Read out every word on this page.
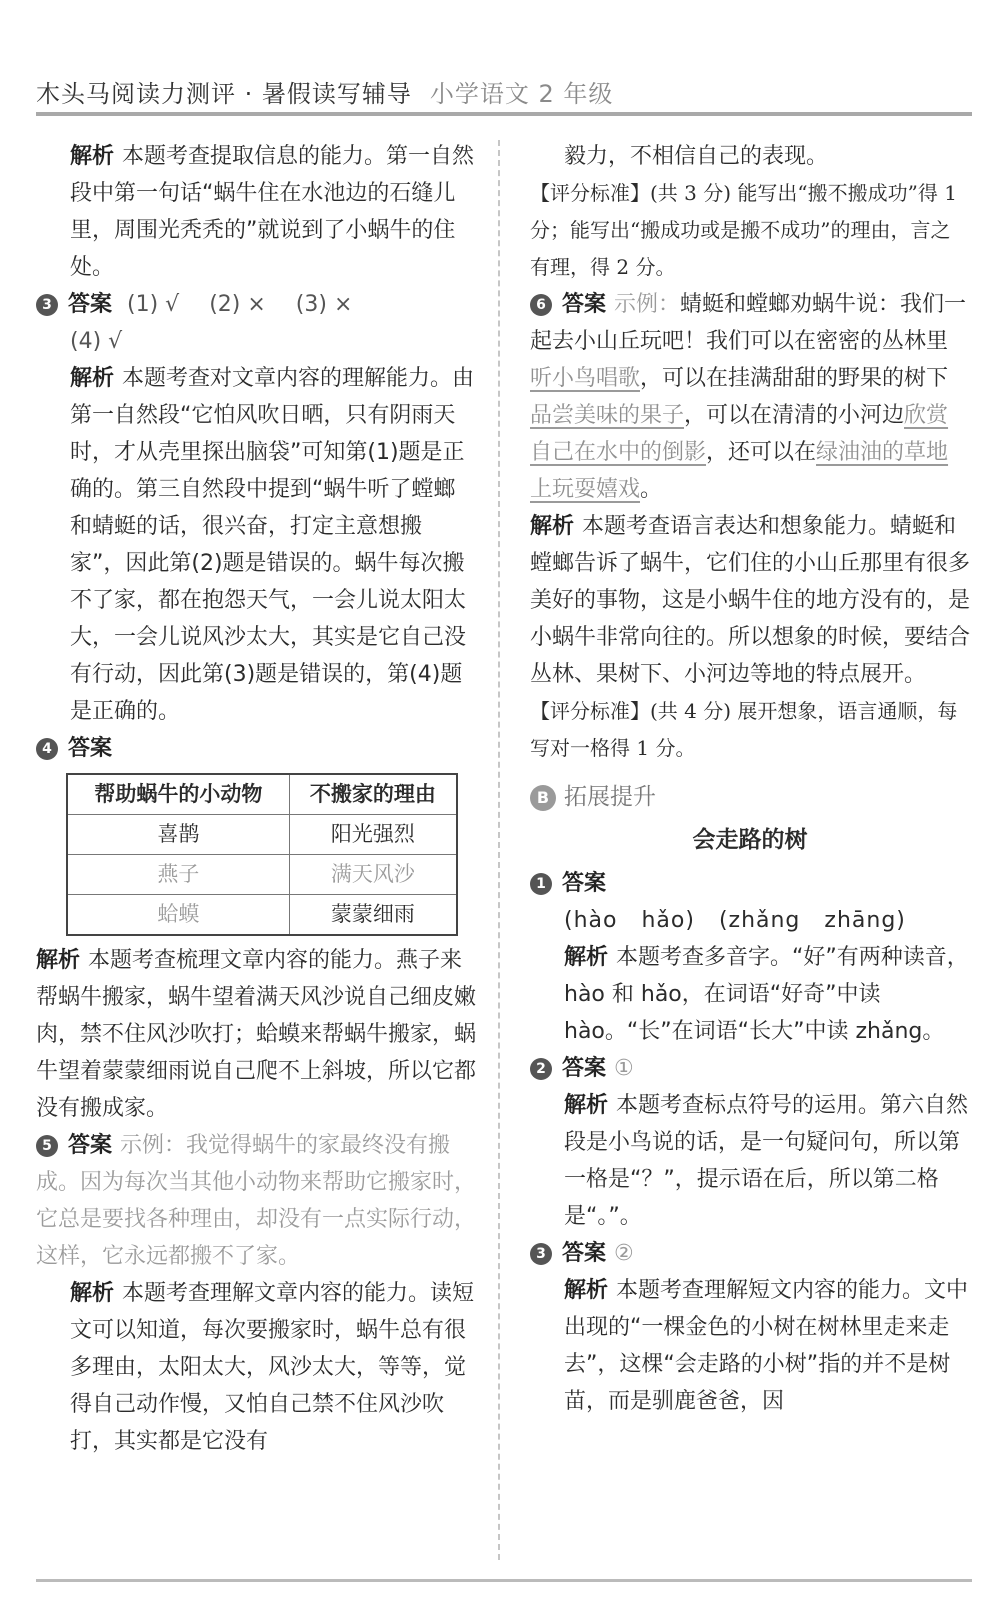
木头马阅读力测评 · 暑假读写辅导 小学语文 2 年级

解析 本题考查提取信息的能力。第一自然段中第一句话“蜗牛住在水池边的石缝儿里，周围光秃秃的”就说到了小蜗牛的住处。

3 答案 (1) √ (2) × (3) ×
(4) √

解析 本题考查对文章内容的理解能力。由第一自然段“它怕风吹日晒，只有阴雨天时，才从壳里探出脑袋”可知第(1)题是正确的。第三自然段中提到“蜗牛听了螳螂和蜻蜓的话，很兴奋，打定主意想搬家”，因此第(2)题是错误的。蜗牛每次搬不了家，都在抱怨天气，一会儿说太阳太大，一会儿说风沙太大，其实是它自己没有行动，因此第(3)题是错误的，第(4)题是正确的。

4 答案
帮助蜗牛的小动物	不搬家的理由
喜鹊	阳光强烈
燕子	满天风沙
蛤蟆	蒙蒙细雨

解析 本题考查梳理文章内容的能力。燕子来帮蜗牛搬家，蜗牛望着满天风沙说自己细皮嫩肉，禁不住风沙吹打；蛤蟆来帮蜗牛搬家，蜗牛望着蒙蒙细雨说自己爬不上斜坡，所以它都没有搬成家。

5 答案 示例：我觉得蜗牛的家最终没有搬成。因为每次当其他小动物来帮助它搬家时，它总是要找各种理由，却没有一点实际行动，这样，它永远都搬不了家。

解析 本题考查理解文章内容的能力。读短文可以知道，每次要搬家时，蜗牛总有很多理由，太阳太大，风沙太大，等等，觉得自己动作慢，又怕自己禁不住风沙吹打，其实都是它没有

毅力，不相信自己的表现。

【评分标准】(共 3 分) 能写出“搬不搬成功”得 1 分；能写出“搬成功或是搬不成功”的理由，言之有理，得 2 分。

6 答案 示例：蜻蜓和螳螂劝蜗牛说：我们一起去小山丘玩吧！我们可以在密密的丛林里听小鸟唱歌，可以在挂满甜甜的野果的树下品尝美味的果子，可以在清清的小河边欣赏自己在水中的倒影，还可以在绿油油的草地上玩耍嬉戏。

解析 本题考查语言表达和想象能力。蜻蜓和螳螂告诉了蜗牛，它们住的小山丘那里有很多美好的事物，这是小蜗牛住的地方没有的，是小蜗牛非常向往的。所以想象的时候，要结合丛林、果树下、小河边等地的特点展开。

【评分标准】(共 4 分) 展开想象，语言通顺，每写对一格得 1 分。

B 拓展提升
会走路的树
1 答案
(hào hǎo) (zhǎng zhāng)

解析 本题考查多音字。“好”有两种读音，hào 和 hǎo，在词语“好奇”中读 hào。“长”在词语“长大”中读 zhǎng。

2 答案 ①

解析 本题考查标点符号的运用。第六自然段是小鸟说的话，是一句疑问句，所以第一格是“？”，提示语在后，所以第二格是“。”。

3 答案 ②

解析 本题考查理解短文内容的能力。文中出现的“一棵金色的小树在树林里走来走去”，这棵“会走路的小树”指的并不是树苗，而是驯鹿爸爸，因
